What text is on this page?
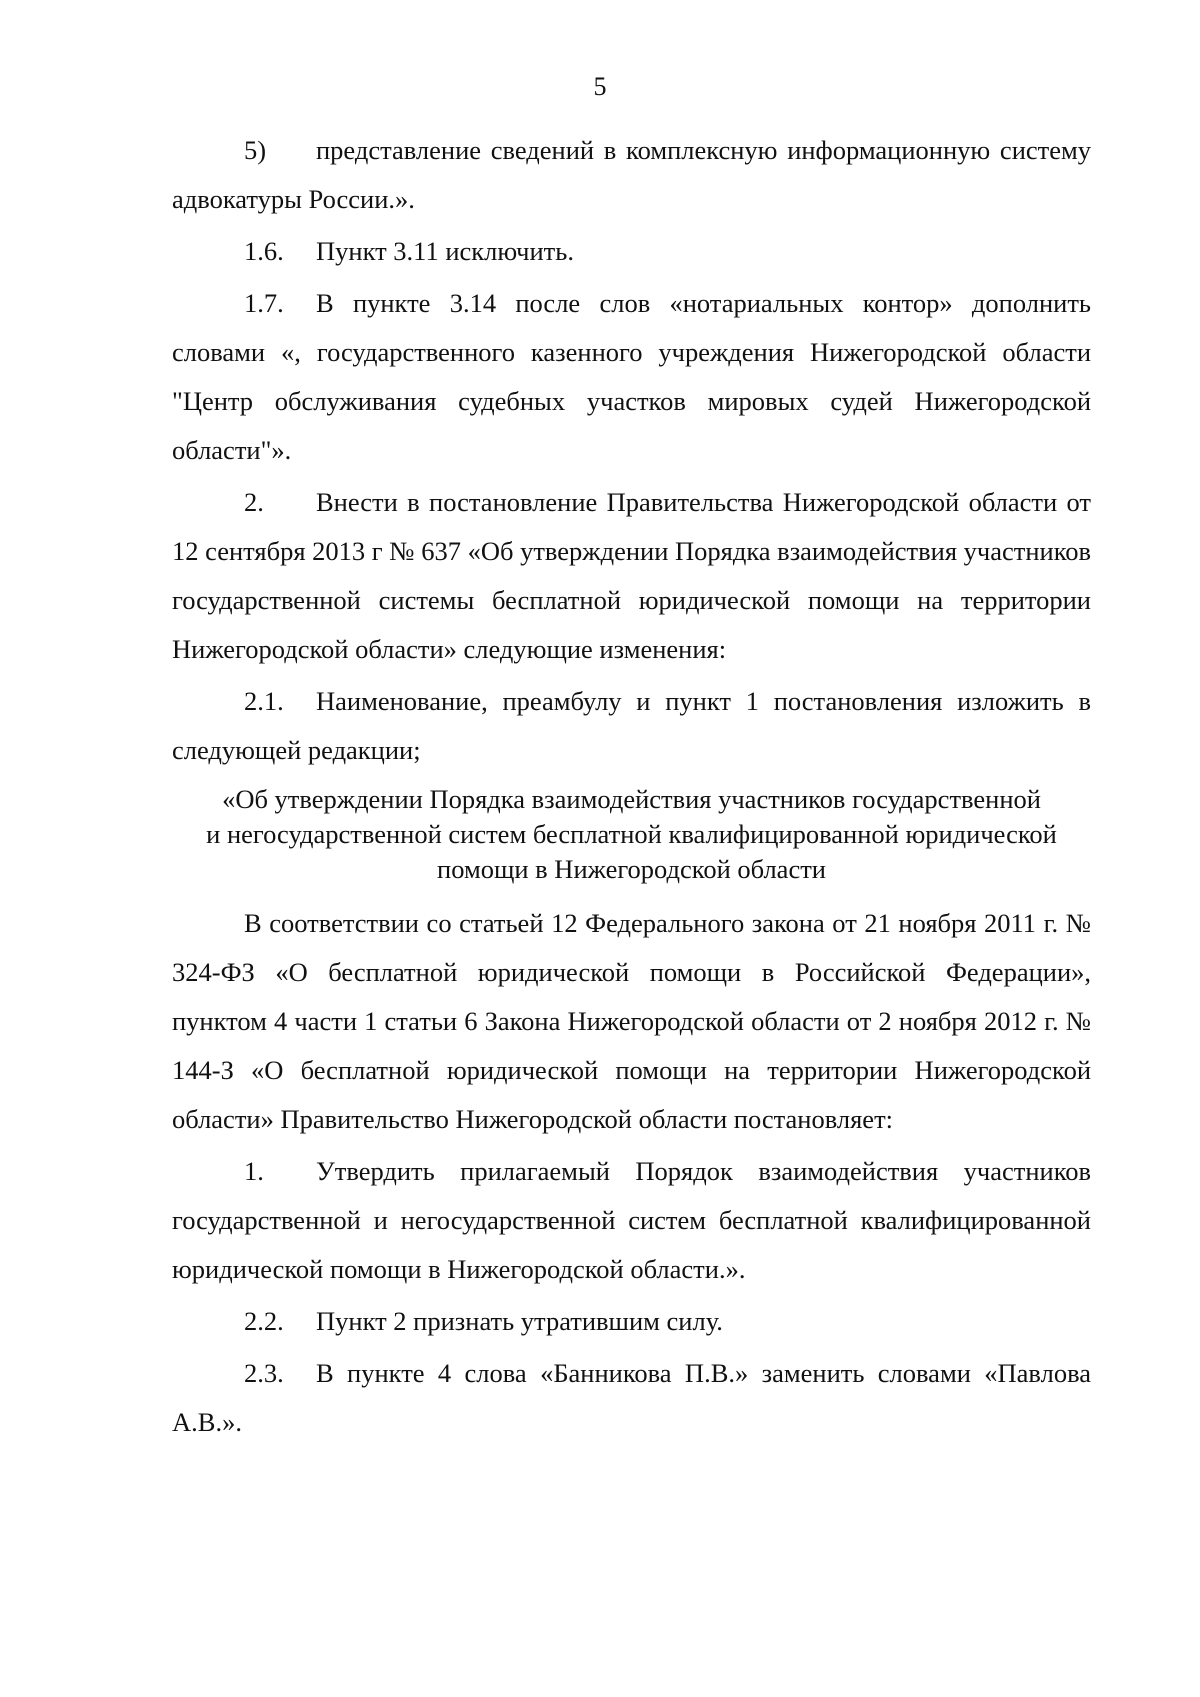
5

5) представление сведений в комплексную информационную систему адвокатуры России.».

1.6. Пункт 3.11 исключить.

1.7. В пункте 3.14 после слов «нотариальных контор» дополнить словами «, государственного казенного учреждения Нижегородской области "Центр обслуживания судебных участков мировых судей Нижегородской области"».

2. Внести в постановление Правительства Нижегородской области от 12 сентября 2013 г № 637 «Об утверждении Порядка взаимодействия участников государственной системы бесплатной юридической помощи на территории Нижегородской области» следующие изменения:

2.1. Наименование, преамбулу и пункт 1 постановления изложить в следующей редакции;

«Об утверждении Порядка взаимодействия участников государственной
и негосударственной систем бесплатной квалифицированной юридической
помощи в Нижегородской области

В соответствии со статьей 12 Федерального закона от 21 ноября 2011 г. № 324-ФЗ «О бесплатной юридической помощи в Российской Федерации», пунктом 4 части 1 статьи 6 Закона Нижегородской области от 2 ноября 2012 г. № 144-З «О бесплатной юридической помощи на территории Нижегородской области» Правительство Нижегородской области постановляет:

1. Утвердить прилагаемый Порядок взаимодействия участников государственной и негосударственной систем бесплатной квалифицированной юридической помощи в Нижегородской области.».

2.2. Пункт 2 признать утратившим силу.

2.3. В пункте 4 слова «Банникова П.В.» заменить словами «Павлова А.В.».
